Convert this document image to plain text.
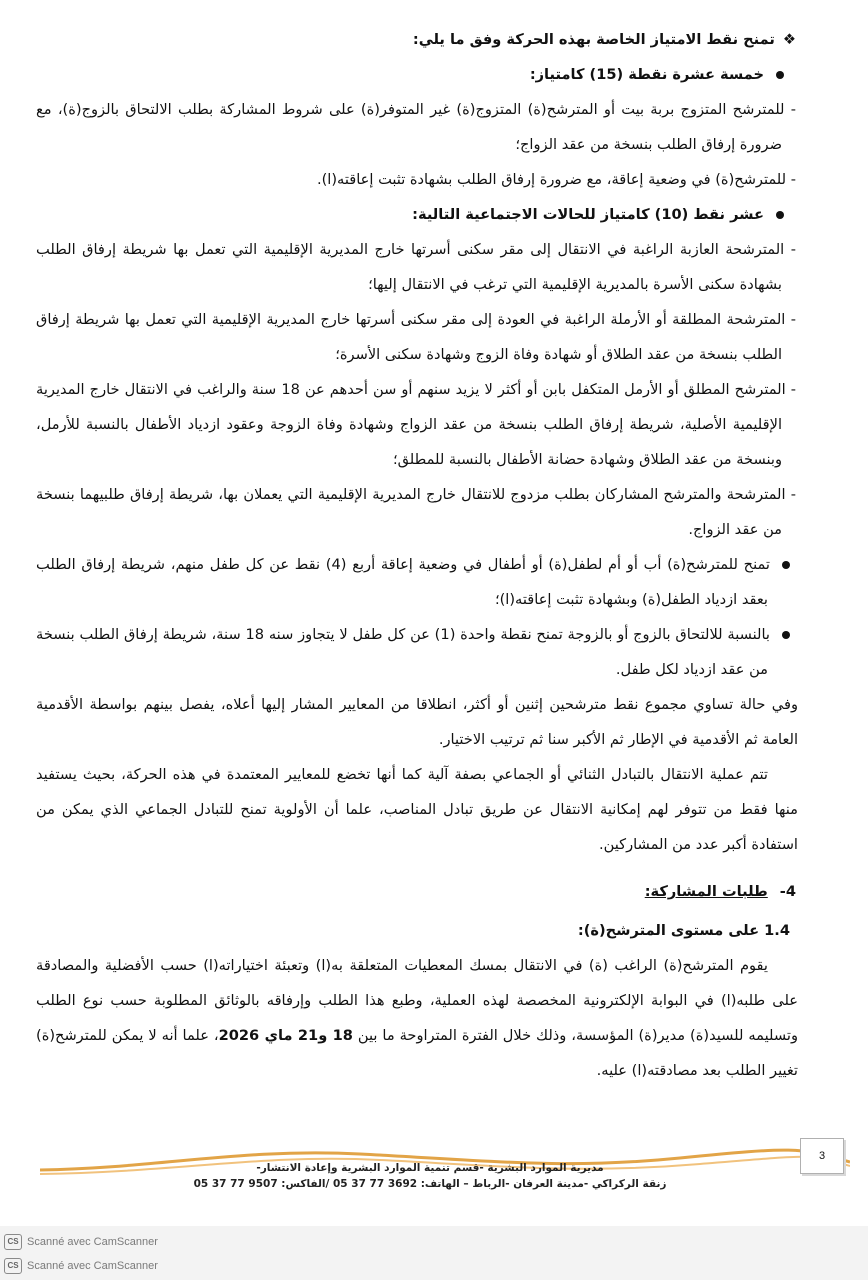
❖تمنح نقط الامتياز الخاصة بهذه الحركة وفق ما يلي:

خمسة عشرة نقطة (15) كامتياز:

- للمترشح المتزوج بربة بيت أو المترشح(ة) المتزوج(ة) غير المتوفر(ة) على شروط المشاركة بطلب الالتحاق بالزوج(ة)، مع ضرورة إرفاق الطلب بنسخة من عقد الزواج؛

- للمترشح(ة) في وضعية إعاقة، مع ضرورة إرفاق الطلب بشهادة تثبت إعاقته(ا).

عشر نقط (10) كامتياز للحالات الاجتماعية التالية:

- المترشحة العازبة الراغبة في الانتقال إلى مقر سكنى أسرتها خارج المديرية الإقليمية التي تعمل بها شريطة إرفاق الطلب بشهادة سكنى الأسرة بالمديرية الإقليمية التي ترغب في الانتقال إليها؛

- المترشحة المطلقة أو الأرملة الراغبة في العودة إلى مقر سكنى أسرتها خارج المديرية الإقليمية التي تعمل بها شريطة إرفاق الطلب بنسخة من عقد الطلاق أو شهادة وفاة الزوج وشهادة سكنى الأسرة؛

- المترشح المطلق أو الأرمل المتكفل بابن أو أكثر لا يزيد سنهم أو سن أحدهم عن 18 سنة والراغب في الانتقال خارج المديرية الإقليمية الأصلية، شريطة إرفاق الطلب بنسخة من عقد الزواج وشهادة وفاة الزوجة وعقود ازدياد الأطفال بالنسبة للأرمل، وبنسخة من عقد الطلاق وشهادة حضانة الأطفال بالنسبة للمطلق؛

- المترشحة والمترشح المشاركان بطلب مزدوج للانتقال خارج المديرية الإقليمية التي يعملان بها، شريطة إرفاق طلبيهما بنسخة من عقد الزواج.

تمنح للمترشح(ة) أب أو أم لطفل(ة) أو أطفال في وضعية إعاقة أربع (4) نقط عن كل طفل منهم، شريطة إرفاق الطلب بعقد ازدياد الطفل(ة) وبشهادة تثبت إعاقته(ا)؛

بالنسبة للالتحاق بالزوج أو بالزوجة تمنح نقطة واحدة (1) عن كل طفل لا يتجاوز سنه 18 سنة، شريطة إرفاق الطلب بنسخة من عقد ازدياد لكل طفل.

وفي حالة تساوي مجموع نقط مترشحين إثنين أو أكثر، انطلاقا من المعايير المشار إليها أعلاه، يفصل بينهم بواسطة الأقدمية العامة ثم الأقدمية في الإطار ثم الأكبر سنا ثم ترتيب الاختيار.

تتم عملية الانتقال بالتبادل الثنائي أو الجماعي بصفة آلية كما أنها تخضع للمعايير المعتمدة في هذه الحركة، بحيث يستفيد منها فقط من تتوفر لهم إمكانية الانتقال عن طريق تبادل المناصب، علما أن الأولوية تمنح للتبادل الجماعي الذي يمكن من استفادة أكبر عدد من المشاركين.

4-طلبات المشاركة:

1.4 على مستوى المترشح(ة):

يقوم المترشح(ة) الراغب (ة) في الانتقال بمسك المعطيات المتعلقة به(ا) وتعبئة اختياراته(ا) حسب الأفضلية والمصادقة على طلبه(ا) في البوابة الإلكترونية المخصصة لهذه العملية، وطبع هذا الطلب وإرفاقه بالوثائق المطلوبة حسب نوع الطلب وتسليمه للسيد(ة) مدير(ة) المؤسسة، وذلك خلال الفترة المتراوحة ما بين 18 و21 ماي 2026، علما أنه لا يمكن للمترشح(ة) تغيير الطلب بعد مصادقته(ا) عليه.

3
مديرية الموارد البشرية -قسم تنمية الموارد البشرية وإعادة الانتشار-
زنقة الركراكي -مدينة العرفان -الرباط – الهاتف: 3692 77 37 05 /الفاكس: 9507 77 37 05
CS Scanné avec CamScanner
CS Scanné avec CamScanner
